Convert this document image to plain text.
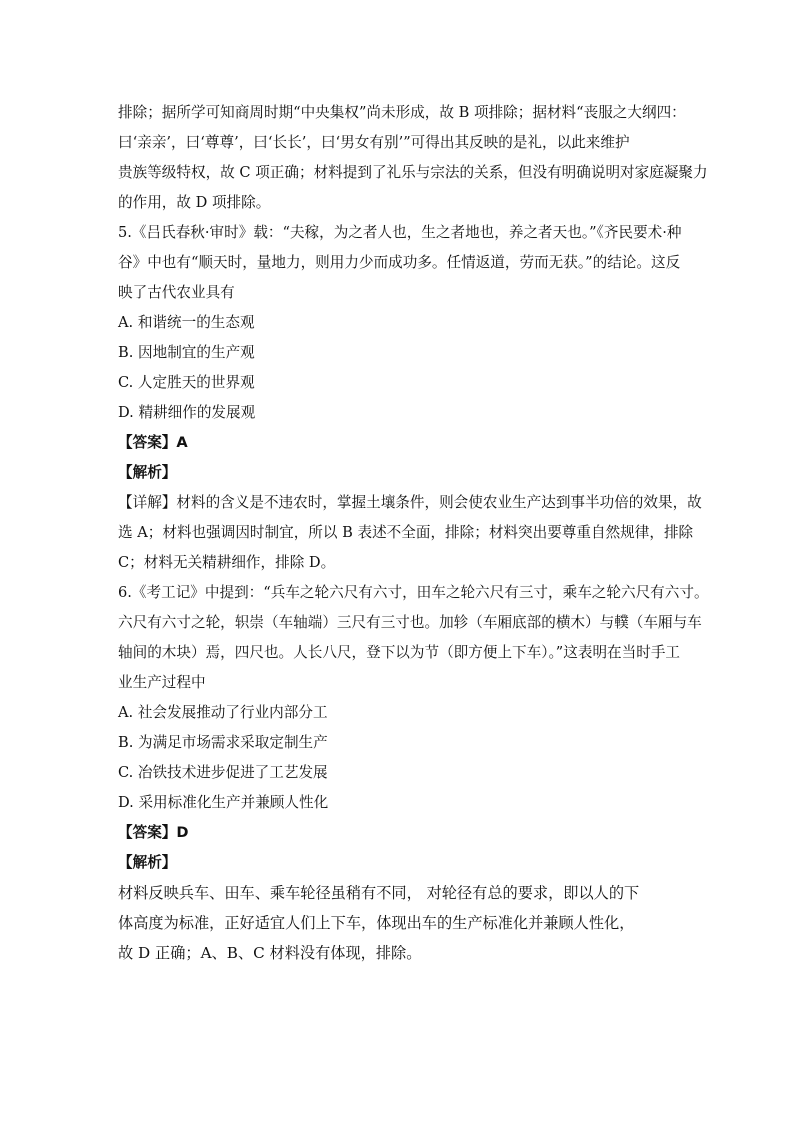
排除；据所学可知商周时期“中央集权”尚未形成，故 B 项排除；据材料“丧服之大纲四：
曰‘亲亲’，曰‘尊尊’，曰‘长长’，曰‘男女有别’”可得出其反映的是礼，以此来维护
贵族等级特权，故 C 项正确；材料提到了礼乐与宗法的关系，但没有明确说明对家庭凝聚力
的作用，故 D 项排除。
5.《吕氏春秋·审时》载：“夫稼，为之者人也，生之者地也，养之者天也。”《齐民要术·种
谷》中也有“顺天时，量地力，则用力少而成功多。任情返道，劳而无获。”的结论。这反
映了古代农业具有
A. 和谐统一的生态观
B. 因地制宜的生产观
C. 人定胜天的世界观
D. 精耕细作的发展观
【答案】A
【解析】
【详解】材料的含义是不违农时，掌握土壤条件，则会使农业生产达到事半功倍的效果，故
选 A；材料也强调因时制宜，所以 B 表述不全面，排除；材料突出要尊重自然规律，排除
C；材料无关精耕细作，排除 D。
6.《考工记》中提到：“兵车之轮六尺有六寸，田车之轮六尺有三寸，乘车之轮六尺有六寸。
六尺有六寸之轮，轵崇（车轴端）三尺有三寸也。加轸（车厢底部的横木）与轐（车厢与车
轴间的木块）焉，四尺也。人长八尺，登下以为节（即方便上下车）。”这表明在当时手工
业生产过程中
A. 社会发展推动了行业内部分工
B. 为满足市场需求采取定制生产
C. 冶铁技术进步促进了工艺发展
D. 采用标准化生产并兼顾人性化
【答案】D
【解析】
材料反映兵车、田车、乘车轮径虽稍有不同， 对轮径有总的要求，即以人的下
体高度为标准，正好适宜人们上下车，体现出车的生产标准化并兼顾人性化，
故 D 正确；A、B、C 材料没有体现，排除。
